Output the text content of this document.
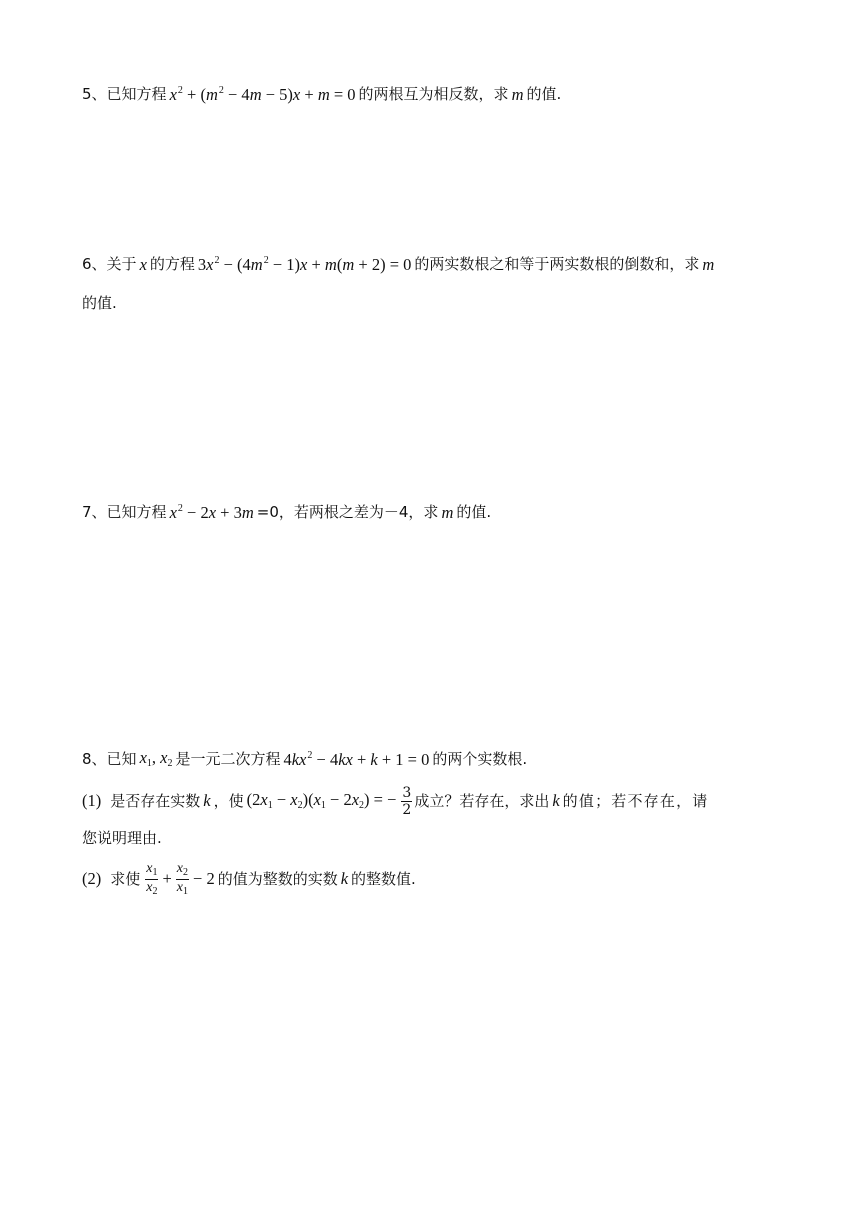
5、 已知方程 $x^2 + (m^2 - 4m - 5)x + m = 0$ 的两根互为相反数，求 m 的值.
6、 关于 x 的方程 $3x^2 - (4m^2 - 1)x + m(m + 2) = 0$ 的两实数根之和等于两实数根的倒数和，求 m
的值.
7、 已知方程 $x^2 - 2x + 3m =0$，若两根之差为－4，求 m 的值.
8、 已知 $x_1$, $x_2$ 是一元二次方程 $4kx^2 - 4kx + k + 1 = 0$ 的两个实数根.
(1) 是否存在实数 k ，使 $(2x_1 - x_2)(x_1 - 2x_2)$ = − $\frac{3}{2}$ 成立？若存在，求出 k 的值；若不存在，请
您说明理由.
(2) 求使 $\frac{x_1}{x_2} + \frac{x_2}{x_1} - 2$ 的值为整数的实数 k 的整数值.
